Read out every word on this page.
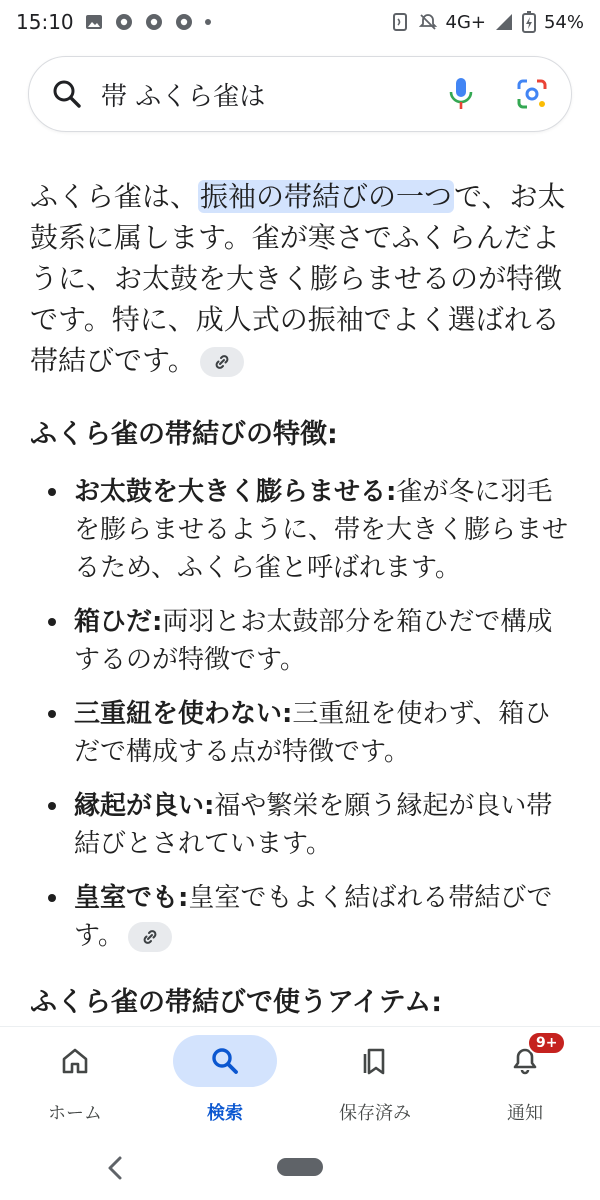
15:10	4G+	54%
帯 ふくら雀は

ふくら雀は、振袖の帯結びの一つで、お太鼓系に属します。雀が寒さでふくらんだように、お太鼓を大きく膨らませるのが特徴です。特に、成人式の振袖でよく選ばれる帯結びです。

ふくら雀の帯結びの特徴:
お太鼓を大きく膨らませる:雀が冬に羽毛を膨らませるように、帯を大きく膨らませるため、ふくら雀と呼ばれます。
箱ひだ:両羽とお太鼓部分を箱ひだで構成するのが特徴です。
三重紐を使わない:三重紐を使わず、箱ひだで構成する点が特徴です。
縁起が良い:福や繁栄を願う縁起が良い帯結びとされています。
皇室でも:皇室でもよく結ばれる帯結びです。
ふくら雀の帯結びで使うアイテム:
ホーム	検索	保存済み
9+
通知
